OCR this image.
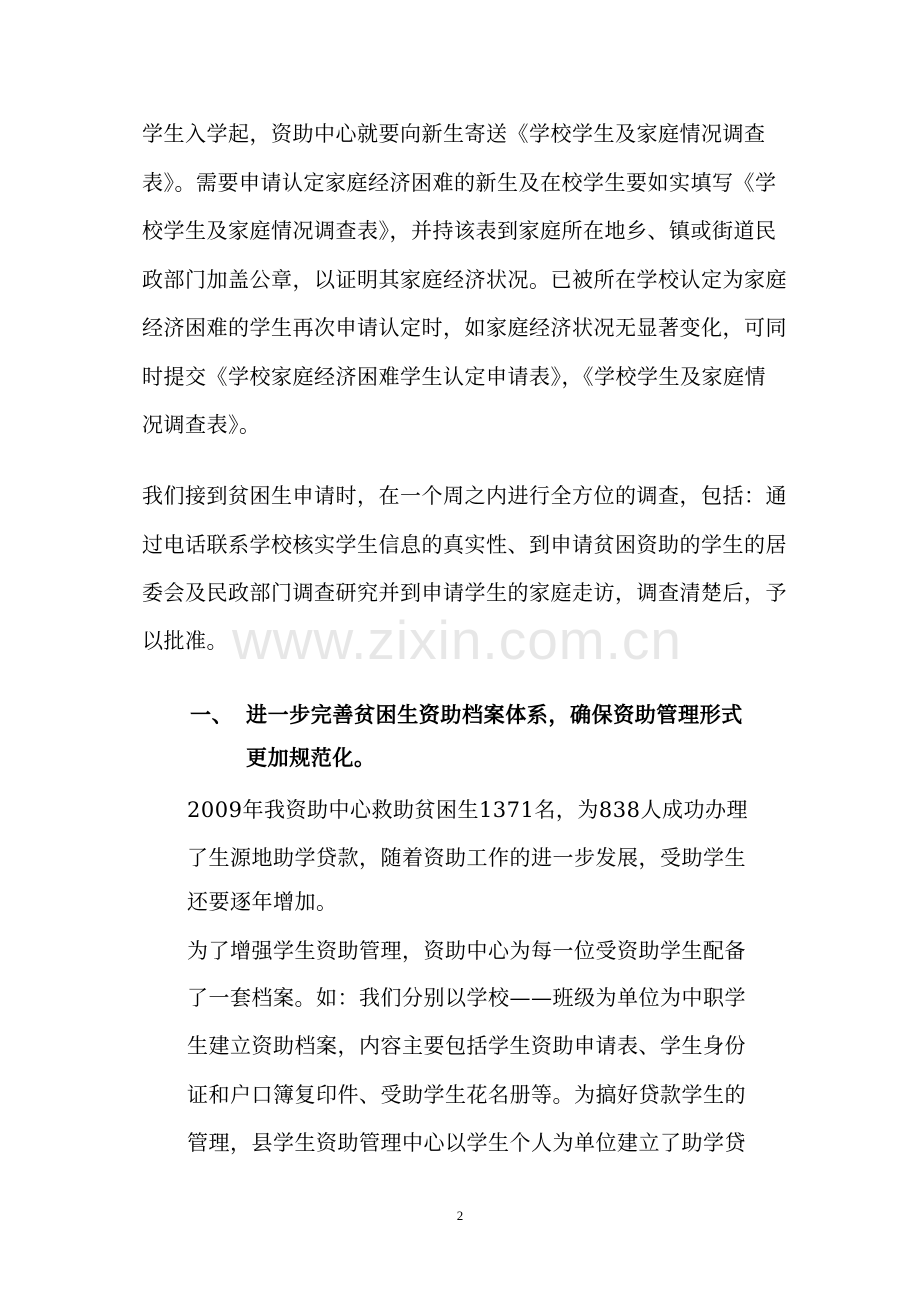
学生入学起，资助中心就要向新生寄送《学校学生及家庭情况调查
表》。需要申请认定家庭经济困难的新生及在校学生要如实填写《学
校学生及家庭情况调查表》，并持该表到家庭所在地乡、镇或街道民
政部门加盖公章，以证明其家庭经济状况。已被所在学校认定为家庭
经济困难的学生再次申请认定时，如家庭经济状况无显著变化，可同
时提交《学校家庭经济困难学生认定申请表》，《学校学生及家庭情
况调查表》。
我们接到贫困生申请时，在一个周之内进行全方位的调查，包括：通
过电话联系学校核实学生信息的真实性、到申请贫困资助的学生的居
委会及民政部门调查研究并到申请学生的家庭走访，调查清楚后，予
以批准。 www.zixin.com.cn
一、 进一步完善贫困生资助档案体系，确保资助管理形式
更加规范化。
2009年我资助中心救助贫困生1371名，为838人成功办理
了生源地助学贷款，随着资助工作的进一步发展，受助学生
还要逐年增加。
为了增强学生资助管理，资助中心为每一位受资助学生配备
了一套档案。如：我们分别以学校——班级为单位为中职学
生建立资助档案，内容主要包括学生资助申请表、学生身份
证和户口簿复印件、受助学生花名册等。为搞好贷款学生的
管理，县学生资助管理中心以学生个人为单位建立了助学贷
2
